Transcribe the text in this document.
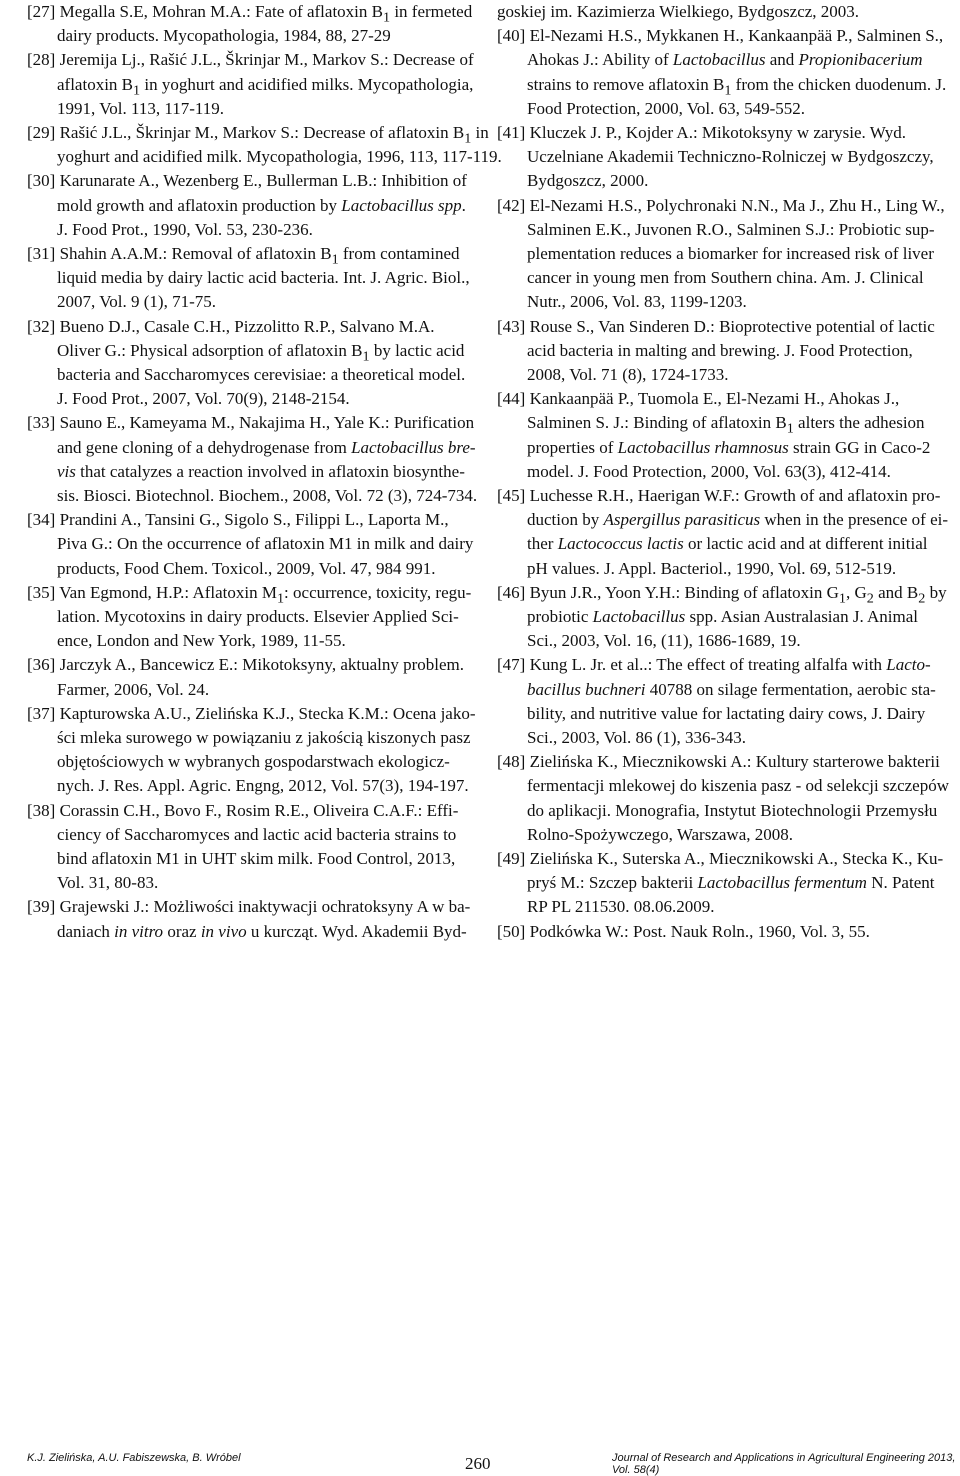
[27] Megalla S.E, Mohran M.A.: Fate of aflatoxin $B_1$ in fermeted
dairy products. Mycopathologia, 1984, 88, 27-29
[28] Jeremija Lj., Rašić J.L., Škrinjar M., Markov S.: Decrease of
aflatoxin $B_1$ in yoghurt and acidified milks. Mycopathologia,
1991, Vol. 113, 117-119.
[29] Rašić J.L., Škrinjar M., Markov S.: Decrease of aflatoxin $B_1$ in
yoghurt and acidified milk. Mycopathologia, 1996, 113, 117-119.
[30] Karunarate A., Wezenberg E., Bullerman L.B.: Inhibition of
mold growth and aflatoxin production by Lactobacillus spp.
J. Food Prot., 1990, Vol. 53, 230-236.
[31] Shahin A.A.M.: Removal of aflatoxin $B_1$ from contamined
liquid media by dairy lactic acid bacteria. Int. J. Agric. Biol.,
2007, Vol. 9 (1), 71-75.
[32] Bueno D.J., Casale C.H., Pizzolitto R.P., Salvano M.A.
Oliver G.: Physical adsorption of aflatoxin $B_1$ by lactic acid
bacteria and Saccharomyces cerevisiae: a theoretical model.
J. Food Prot., 2007, Vol. 70(9), 2148-2154.
[33] Sauno E., Kameyama M., Nakajima H., Yale K.: Purification
and gene cloning of a dehydrogenase from Lactobacillus bre-
vis that catalyzes a reaction involved in aflatoxin biosynthe-
sis. Biosci. Biotechnol. Biochem., 2008, Vol. 72 (3), 724-734.
[34] Prandini A., Tansini G., Sigolo S., Filippi L., Laporta M.,
Piva G.: On the occurrence of aflatoxin M1 in milk and dairy
products, Food Chem. Toxicol., 2009, Vol. 47, 984 991.
[35] Van Egmond, H.P.: Aflatoxin $M_1$: occurrence, toxicity, regu-
lation. Mycotoxins in dairy products. Elsevier Applied Sci-
ence, London and New York, 1989, 11-55.
[36] Jarczyk A., Bancewicz E.: Mikotoksyny, aktualny problem.
Farmer, 2006, Vol. 24.
[37] Kapturowska A.U., Zielińska K.J., Stecka K.M.: Ocena jako-
ści mleka surowego w powiązaniu z jakością kiszonych pasz
objętościowych w wybranych gospodarstwach ekologicz-
nych. J. Res. Appl. Agric. Engng, 2012, Vol. 57(3), 194-197.
[38] Corassin C.H., Bovo F., Rosim R.E., Oliveira C.A.F.: Effi-
ciency of Saccharomyces and lactic acid bacteria strains to
bind aflatoxin M1 in UHT skim milk. Food Control, 2013,
Vol. 31, 80-83.
[39] Grajewski J.: Możliwości inaktywacji ochratoksyny A w ba-
daniach in vitro oraz in vivo u kurcząt. Wyd. Akademii Byd-
goskiej im. Kazimierza Wielkiego, Bydgoszcz, 2003.
[40] El-Nezami H.S., Mykkanen H., Kankaanpää P., Salminen S.,
Ahokas J.: Ability of Lactobacillus and Propionibacerium
strains to remove aflatoxin $B_1$ from the chicken duodenum. J.
Food Protection, 2000, Vol. 63, 549-552.
[41] Kluczek J. P., Kojder A.: Mikotoksyny w zarysie. Wyd.
Uczelniane Akademii Techniczno-Rolniczej w Bydgoszczy,
Bydgoszcz, 2000.
[42] El-Nezami H.S., Polychronaki N.N., Ma J., Zhu H., Ling W.,
Salminen E.K., Juvonen R.O., Salminen S.J.: Probiotic sup-
plementation reduces a biomarker for increased risk of liver
cancer in young men from Southern china. Am. J. Clinical
Nutr., 2006, Vol. 83, 1199-1203.
[43] Rouse S., Van Sinderen D.: Bioprotective potential of lactic
acid bacteria in malting and brewing. J. Food Protection,
2008, Vol. 71 (8), 1724-1733.
[44] Kankaanpää P., Tuomola E., El-Nezami H., Ahokas J.,
Salminen S. J.: Binding of aflatoxin $B_1$ alters the adhesion
properties of Lactobacillus rhamnosus strain GG in Caco-2
model. J. Food Protection, 2000, Vol. 63(3), 412-414.
[45] Luchesse R.H., Haerigan W.F.: Growth of and aflatoxin pro-
duction by Aspergillus parasiticus when in the presence of ei-
ther Lactococcus lactis or lactic acid and at different initial
pH values. J. Appl. Bacteriol., 1990, Vol. 69, 512-519.
[46] Byun J.R., Yoon Y.H.: Binding of aflatoxin $G_1$, $G_2$ and $B_2$ by
probiotic Lactobacillus spp. Asian Australasian J. Animal
Sci., 2003, Vol. 16, (11), 1686-1689, 19.
[47] Kung L. Jr. et al..: The effect of treating alfalfa with Lacto-
bacillus buchneri 40788 on silage fermentation, aerobic sta-
bility, and nutritive value for lactating dairy cows, J. Dairy
Sci., 2003, Vol. 86 (1), 336-343.
[48] Zielińska K., Miecznikowski A.: Kultury starterowe bakterii
fermentacji mlekowej do kiszenia pasz - od selekcji szczepów
do aplikacji. Monografia, Instytut Biotechnologii Przemysłu
Rolno-Spożywczego, Warszawa, 2008.
[49] Zielińska K., Suterska A., Miecznikowski A., Stecka K., Ku-
pryś M.: Szczep bakterii Lactobacillus fermentum N. Patent
RP PL 211530. 08.06.2009.
[50] Podkówka W.: Post. Nauk Roln., 1960, Vol. 3, 55.
K.J. Zielińska, A.U. Fabiszewska, B. Wróbel	260	Journal of Research and Applications in Agricultural Engineering 2013, Vol. 58(4)
